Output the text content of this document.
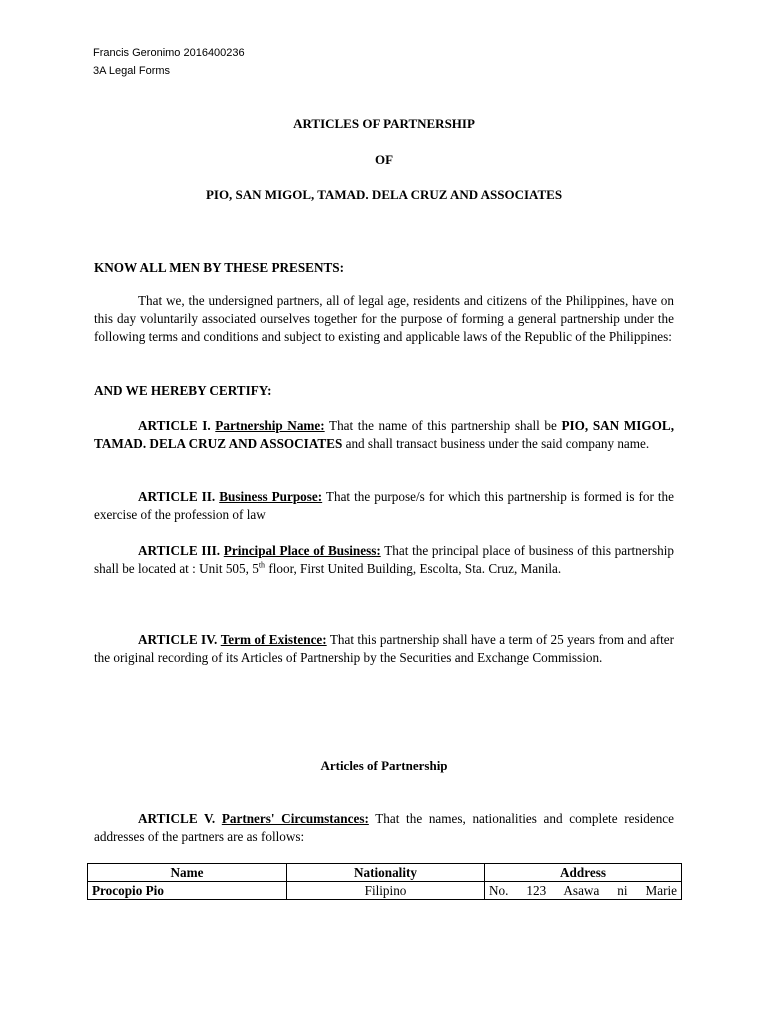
Francis Geronimo 2016400236
3A Legal Forms
ARTICLES OF PARTNERSHIP
OF
PIO, SAN MIGOL, TAMAD. DELA CRUZ AND ASSOCIATES
KNOW ALL MEN BY THESE PRESENTS:
That we, the undersigned partners, all of legal age, residents and citizens of the Philippines, have on this day voluntarily associated ourselves together for the purpose of forming a general partnership under the following terms and conditions and subject to existing and applicable laws of the Republic of the Philippines:
AND WE HEREBY CERTIFY:
ARTICLE I. Partnership Name: That the name of this partnership shall be PIO, SAN MIGOL, TAMAD. DELA CRUZ AND ASSOCIATES and shall transact business under the said company name.
ARTICLE II. Business Purpose: That the purpose/s for which this partnership is formed is for the exercise of the profession of law
ARTICLE III. Principal Place of Business: That the principal place of business of this partnership shall be located at : Unit 505, 5th floor, First United Building, Escolta, Sta. Cruz, Manila.
ARTICLE IV. Term of Existence: That this partnership shall have a term of 25 years from and after the original recording of its Articles of Partnership by the Securities and Exchange Commission.
Articles of Partnership
ARTICLE V. Partners' Circumstances: That the names, nationalities and complete residence addresses of the partners are as follows:
Name	Nationality	Address
Procopio Pio	Filipino	No. 123 Asawa ni Marie
